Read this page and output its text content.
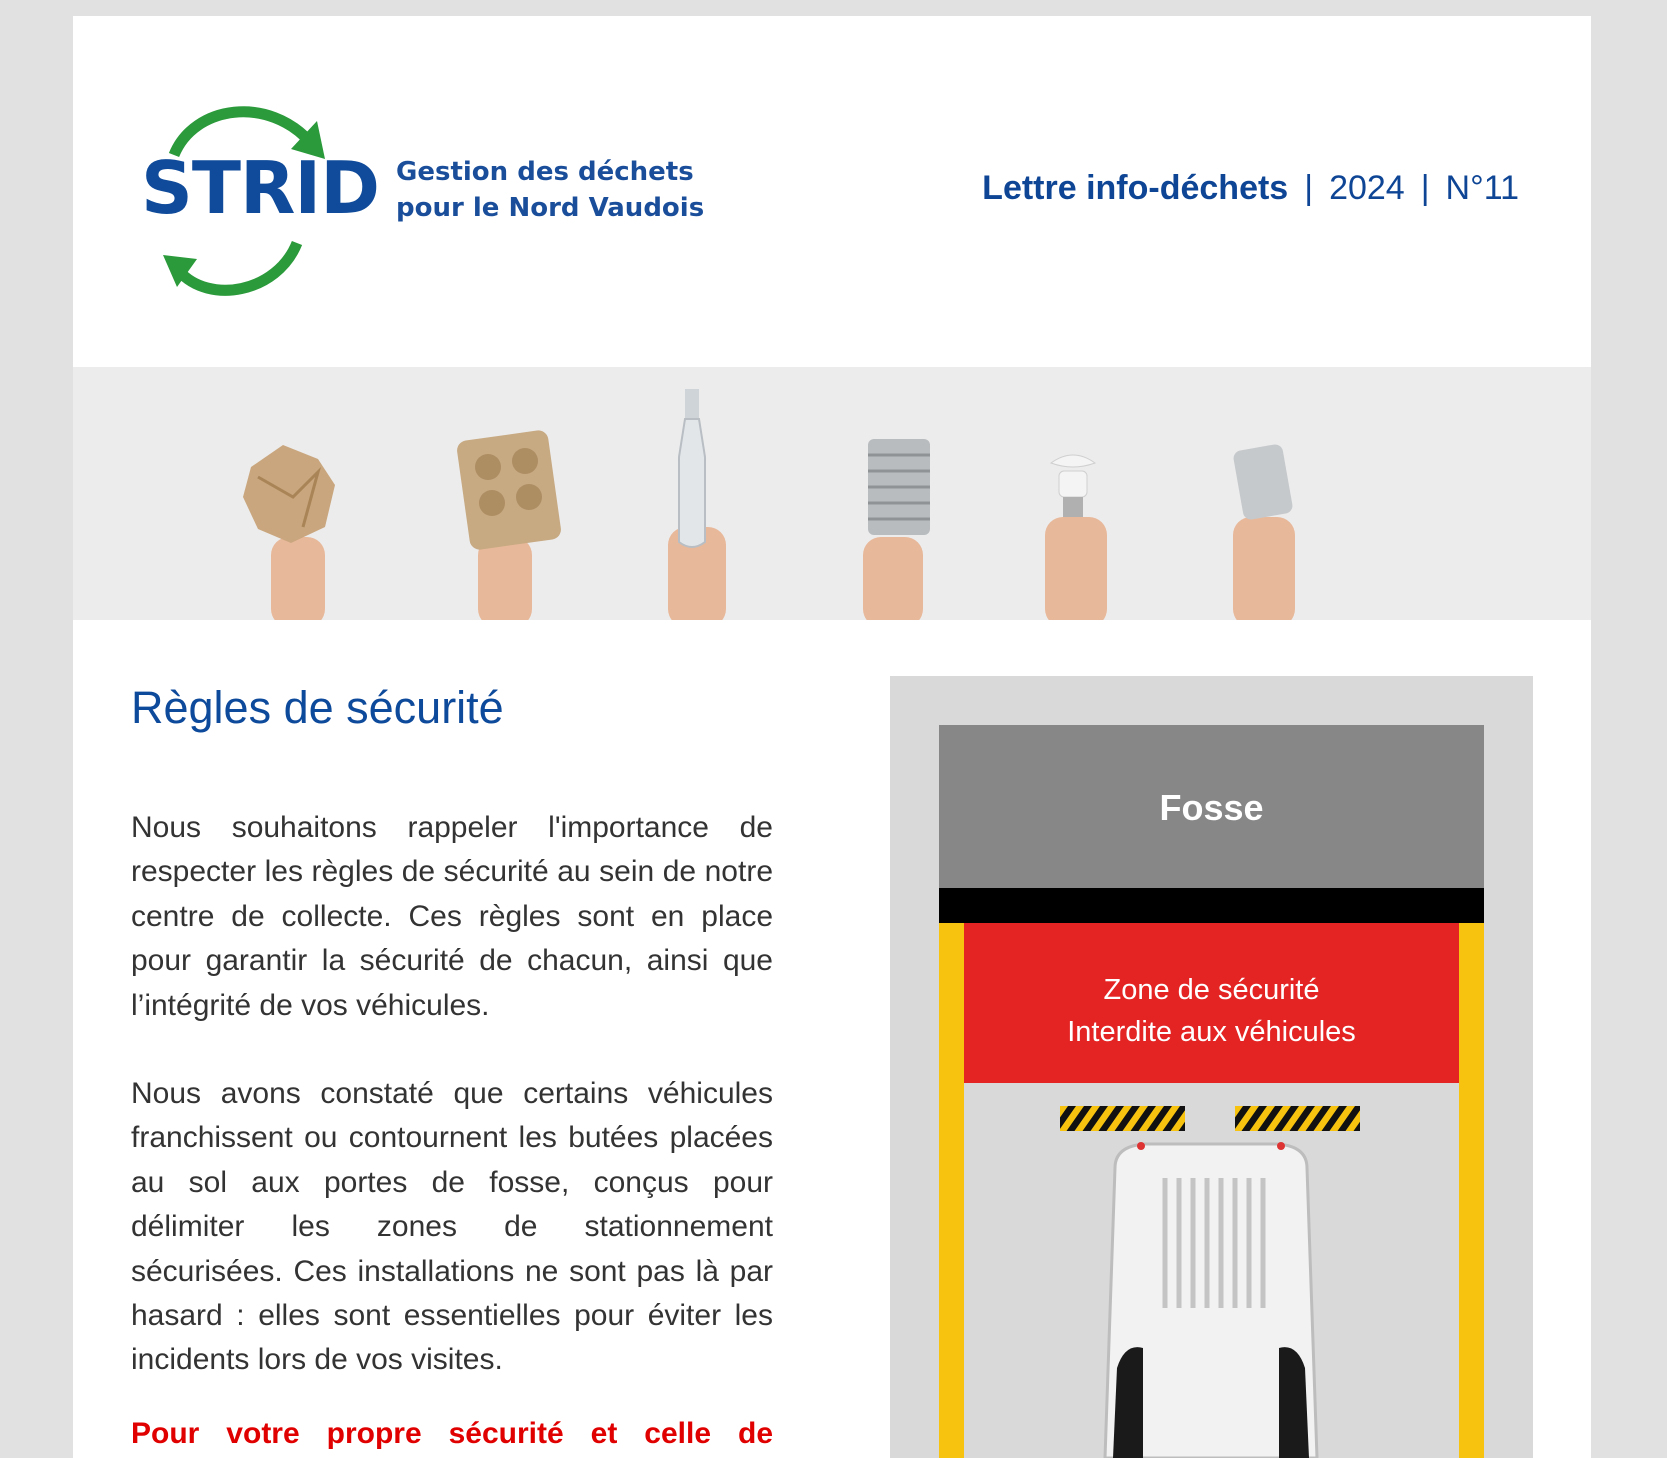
STRID Gestion des déchets
pour le Nord Vaudois
Lettre info-déchets | 2024 | N°11
Règles de sécurité

Nous souhaitons rappeler l'importance de respecter les règles de sécurité au sein de notre centre de collecte. Ces règles sont en place pour garantir la sécurité de chacun, ainsi que l’intégrité de vos véhicules.

Nous avons constaté que certains véhicules franchissent ou contournent les butées placées au sol aux portes de fosse, conçus pour délimiter les zones de stationnement sécurisées. Ces installations ne sont pas là par hasard : elles sont essentielles pour éviter les incidents lors de vos visites.

Pour votre propre sécurité et celle de

Fosse
Zone de sécurité
Interdite aux véhicules
